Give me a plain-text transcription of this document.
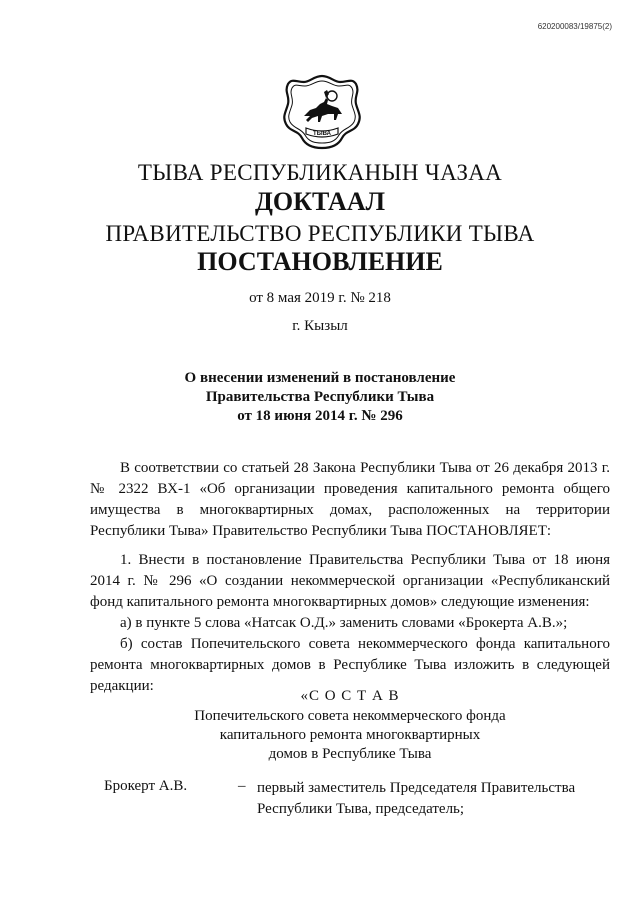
620200083/19875(2)
ТЫВА
ТЫВА РЕСПУБЛИКАНЫН ЧАЗАА
ДОКТААЛ
ПРАВИТЕЛЬСТВО РЕСПУБЛИКИ ТЫВА
ПОСТАНОВЛЕНИЕ
от 8 мая 2019 г. № 218
г. Кызыл
О внесении изменений в постановление
Правительства Республики Тыва
от 18 июня 2014 г. № 296
В соответствии со статьей 28 Закона Республики Тыва от 26 декабря 2013 г. № 2322 ВХ-1 «Об организации проведения капитального ремонта общего имущества в многоквартирных домах, расположенных на территории Республики Тыва» Правительство Республики Тыва ПОСТАНОВЛЯЕТ:
1. Внести в постановление Правительства Республики Тыва от 18 июня 2014 г. № 296 «О создании некоммерческой организации «Республиканский фонд капитального ремонта многоквартирных домов» следующие изменения:
а) в пункте 5 слова «Натсак О.Д.» заменить словами «Брокерта А.В.»;
б) состав Попечительского совета некоммерческого фонда капитального ремонта многоквартирных домов в Республике Тыва изложить в следующей редакции:
«С О С Т А В
Попечительского совета некоммерческого фонда
капитального ремонта многоквартирных
домов в Республике Тыва
Брокерт А.В.	– первый заместитель Председателя Правительства Республики Тыва, председатель;
